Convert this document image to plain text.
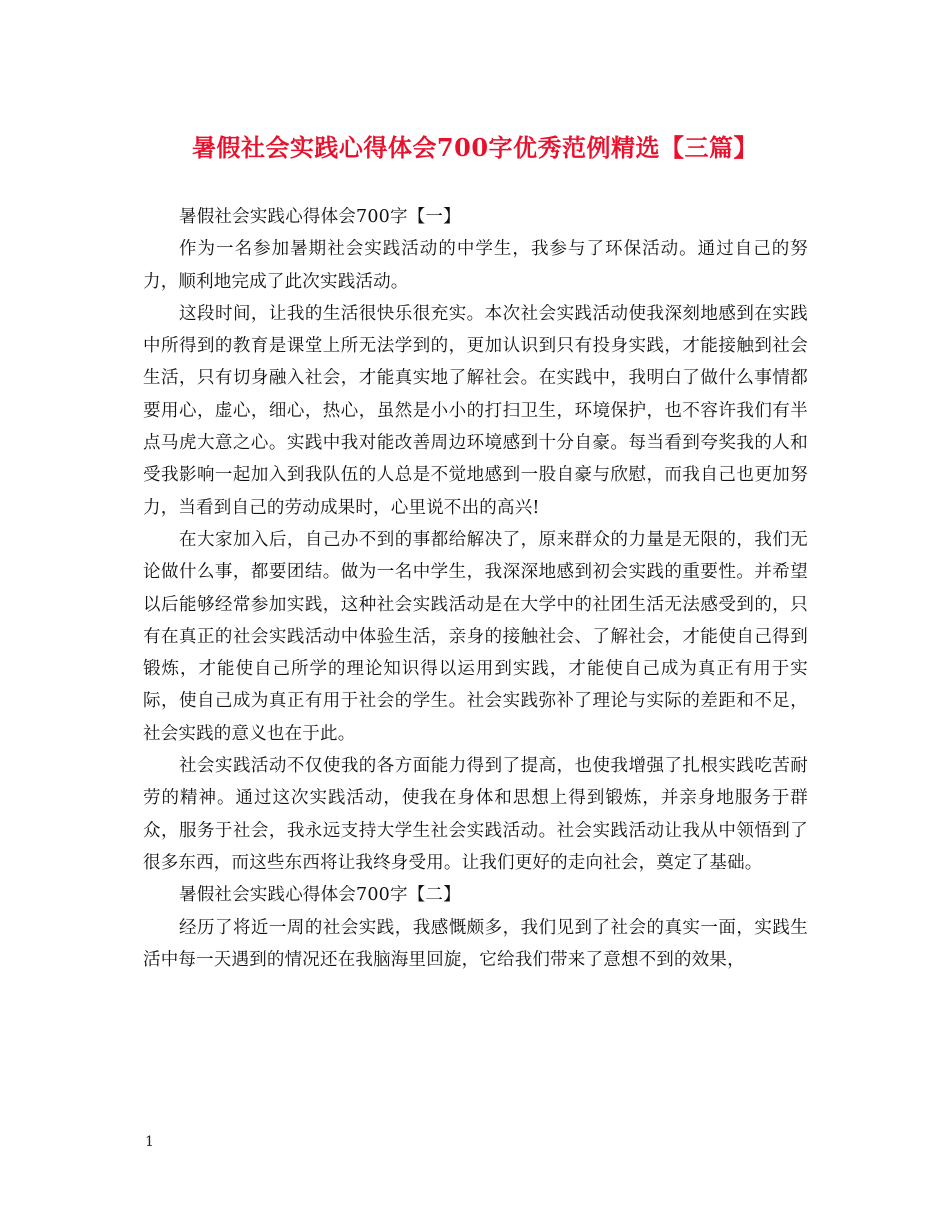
暑假社会实践心得体会700字优秀范例精选【三篇】

暑假社会实践心得体会700字【一】

作为一名参加暑期社会实践活动的中学生，我参与了环保活动。通过自己的努力，顺利地完成了此次实践活动。

这段时间，让我的生活很快乐很充实。本次社会实践活动使我深刻地感到在实践中所得到的教育是课堂上所无法学到的，更加认识到只有投身实践，才能接触到社会生活，只有切身融入社会，才能真实地了解社会。在实践中，我明白了做什么事情都要用心，虚心，细心，热心，虽然是小小的打扫卫生，环境保护，也不容许我们有半点马虎大意之心。实践中我对能改善周边环境感到十分自豪。每当看到夸奖我的人和受我影响一起加入到我队伍的人总是不觉地感到一股自豪与欣慰，而我自己也更加努力，当看到自己的劳动成果时，心里说不出的高兴!

在大家加入后，自己办不到的事都给解决了，原来群众的力量是无限的，我们无论做什么事，都要团结。做为一名中学生，我深深地感到初会实践的重要性。并希望以后能够经常参加实践，这种社会实践活动是在大学中的社团生活无法感受到的，只有在真正的社会实践活动中体验生活，亲身的接触社会、了解社会，才能使自己得到锻炼，才能使自己所学的理论知识得以运用到实践，才能使自己成为真正有用于实际，使自己成为真正有用于社会的学生。社会实践弥补了理论与实际的差距和不足，社会实践的意义也在于此。

社会实践活动不仅使我的各方面能力得到了提高，也使我增强了扎根实践吃苦耐劳的精神。通过这次实践活动，使我在身体和思想上得到锻炼，并亲身地服务于群众，服务于社会，我永远支持大学生社会实践活动。社会实践活动让我从中领悟到了很多东西，而这些东西将让我终身受用。让我们更好的走向社会，奠定了基础。

暑假社会实践心得体会700字【二】

经历了将近一周的社会实践，我感慨颇多，我们见到了社会的真实一面，实践生活中每一天遇到的情况还在我脑海里回旋，它给我们带来了意想不到的效果，

1
